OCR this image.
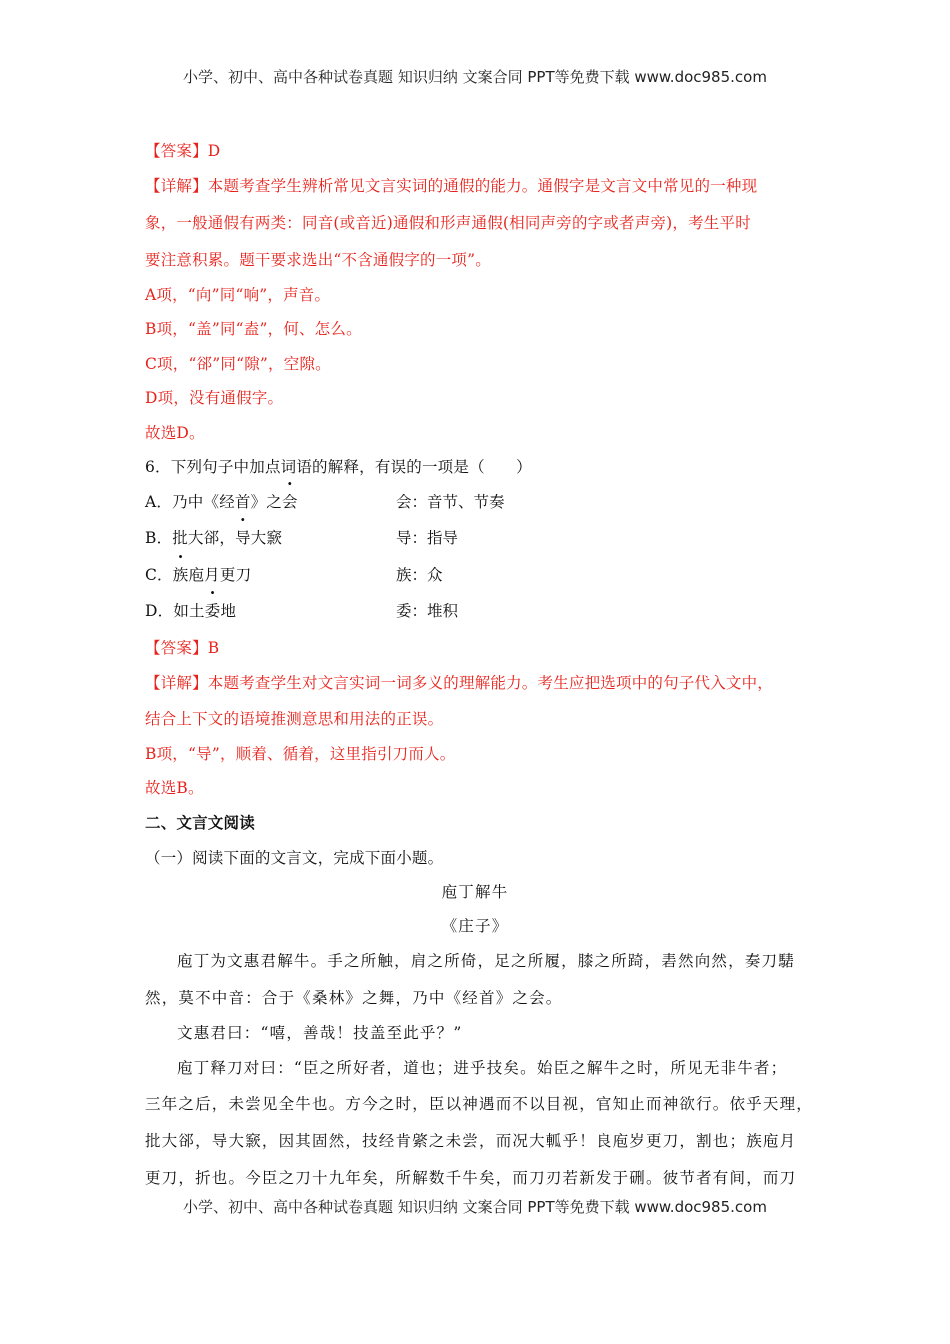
小学、初中、高中各种试卷真题 知识归纳 文案合同 PPT等免费下载 www.doc985.com
【答案】D
【详解】本题考查学生辨析常见文言实词的通假的能力。通假字是文言文中常见的一种现
象，一般通假有两类：同音(或音近)通假和形声通假(相同声旁的字或者声旁)，考生平时
要注意积累。题干要求选出“不含通假字的一项”。
A项，“向”同“响”，声音。
B项，“盖”同“盍”，何、怎么。
C项，“郤”同“隙”，空隙。
D项，没有通假字。
故选D。
6．下列句子中加点词语的解释，有误的一项是（　　）
A．乃中《经首》之会	会：音节、节奏
B．批大郤，导大窾	导：指导
C．族庖月更刀	族：众
D．如土委地	委：堆积
【答案】B
【详解】本题考查学生对文言实词一词多义的理解能力。考生应把选项中的句子代入文中，
结合上下文的语境推测意思和用法的正误。
B项，“导”，顺着、循着，这里指引刀而人。
故选B。
二、文言文阅读
（一）阅读下面的文言文，完成下面小题。
庖丁解牛
《庄子》
庖丁为文惠君解牛。手之所触，肩之所倚，足之所履，膝之所踦，砉然向然，奏刀騞
然，莫不中音：合于《桑林》之舞，乃中《经首》之会。
文惠君曰：“嘻，善哉！技盖至此乎？”
庖丁释刀对曰：“臣之所好者，道也；进乎技矣。始臣之解牛之时，所见无非牛者；
三年之后，未尝见全牛也。方今之时，臣以神遇而不以目视，官知止而神欲行。依乎天理，
批大郤，导大窾，因其固然，技经肯綮之未尝，而况大軱乎！良庖岁更刀，割也；族庖月
更刀，折也。今臣之刀十九年矣，所解数千牛矣，而刀刃若新发于硎。彼节者有间，而刀
小学、初中、高中各种试卷真题 知识归纳 文案合同 PPT等免费下载 www.doc985.com
